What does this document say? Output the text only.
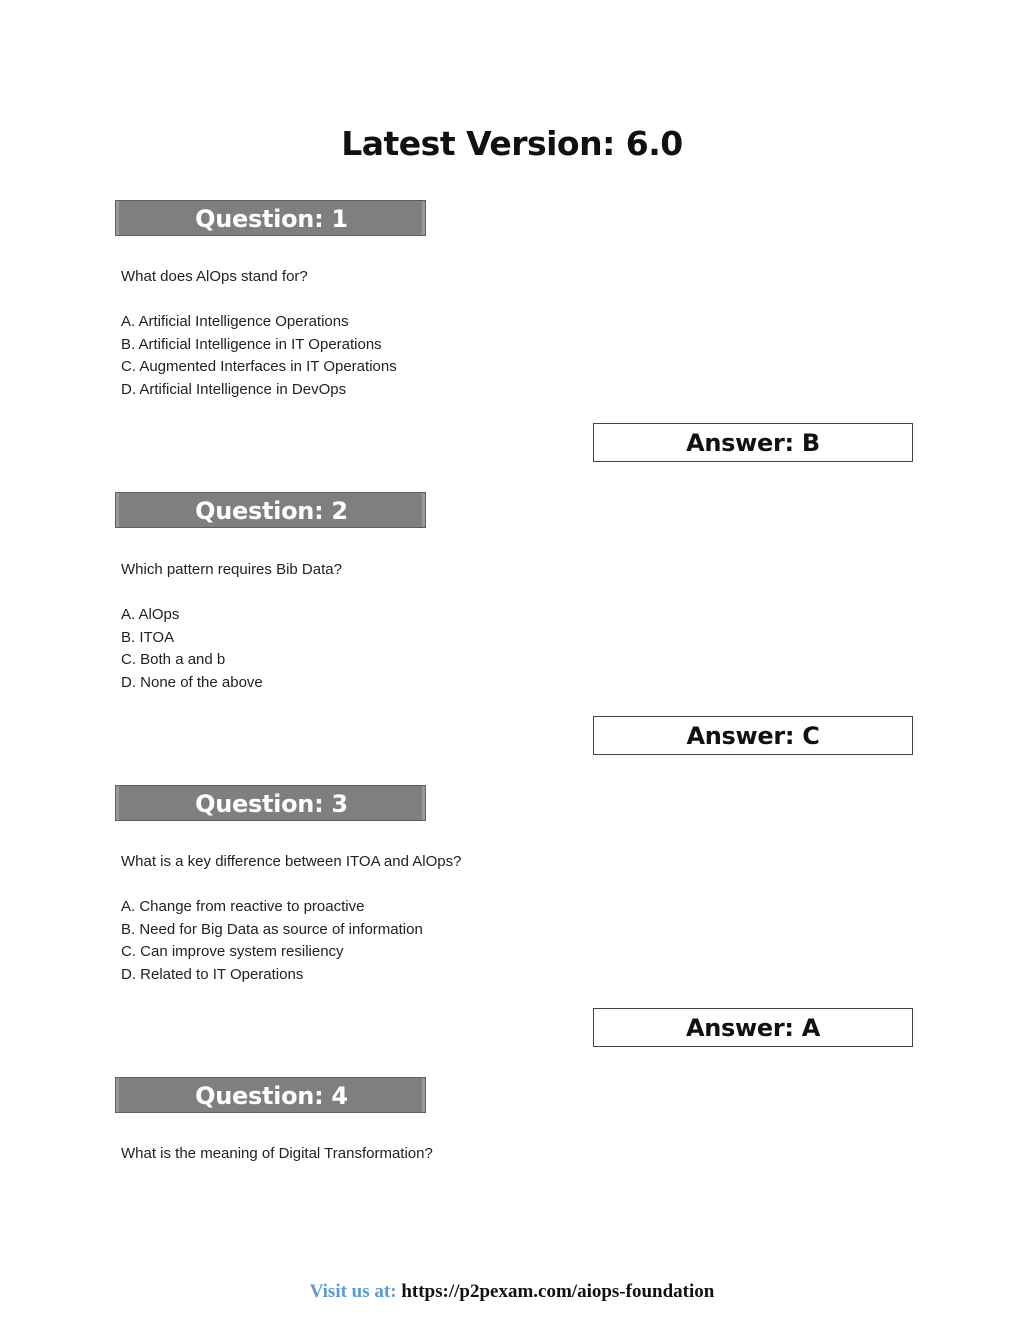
Latest Version: 6.0
Question: 1
What does AlOps stand for?
A. Artificial Intelligence Operations
B. Artificial Intelligence in IT Operations
C. Augmented Interfaces in IT Operations
D. Artificial Intelligence in DevOps
Answer: B
Question: 2
Which pattern requires Bib Data?
A. AlOps
B. ITOA
C. Both a and b
D. None of the above
Answer: C
Question: 3
What is a key difference between ITOA and AlOps?
A. Change from reactive to proactive
B. Need for Big Data as source of information
C. Can improve system resiliency
D. Related to IT Operations
Answer: A
Question: 4
What is the meaning of Digital Transformation?
Visit us at: https://p2pexam.com/aiops-foundation
